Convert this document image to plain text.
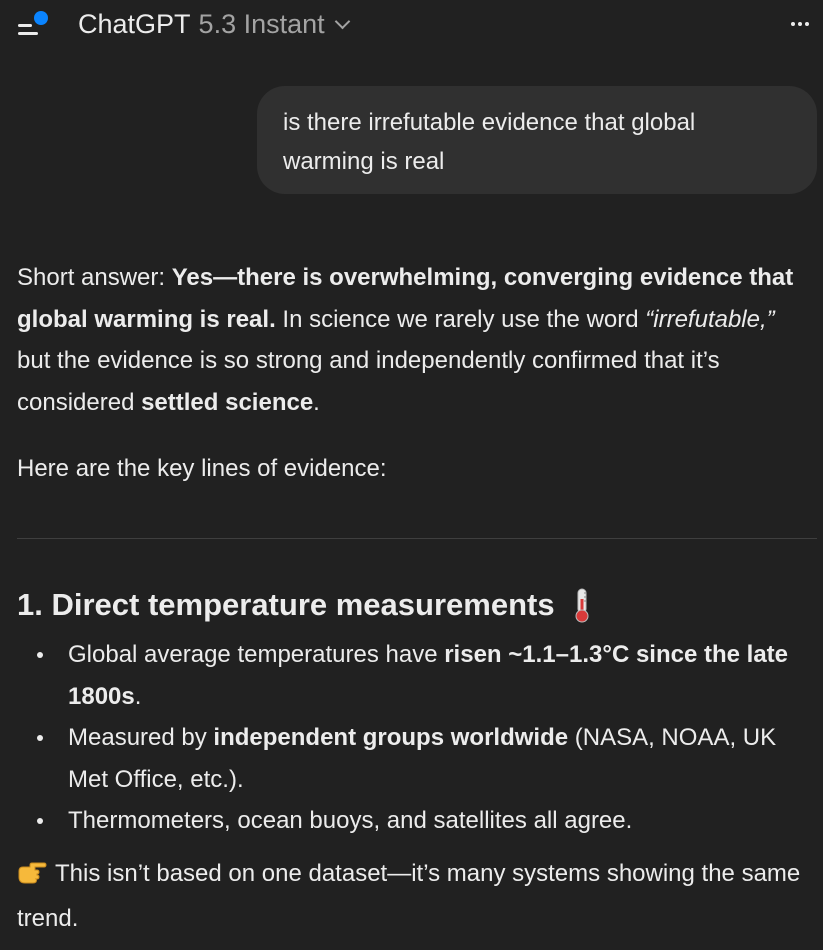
ChatGPT 5.3 Instant
is there irrefutable evidence that global warming is real

Short answer: Yes—there is overwhelming, converging evidence that global warming is real. In science we rarely use the word “irrefutable,” but the evidence is so strong and independently confirmed that it’s considered settled science.

Here are the key lines of evidence:

1. Direct temperature measurements
Global average temperatures have risen ~1.1–1.3°C since the late 1800s.
Measured by independent groups worldwide (NASA, NOAA, UK Met Office, etc.).
Thermometers, ocean buoys, and satellites all agree.
This isn’t based on one dataset—it’s many systems showing the same trend.
